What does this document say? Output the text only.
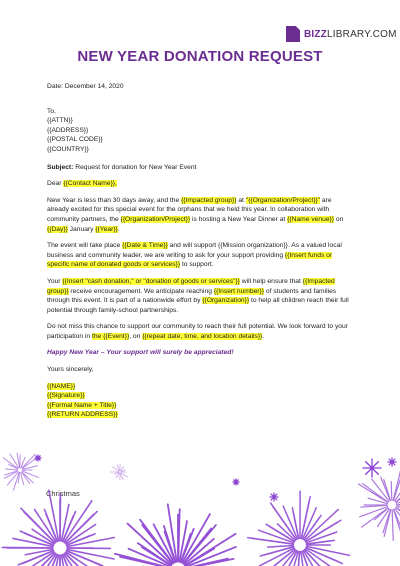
BIZZLIBRARY.COM
NEW YEAR DONATION REQUEST

Date: December 14, 2020

To,
{{ATTN}}
{{ADDRESS}}
{{POSTAL CODE}}
{{COUNTRY}}

Subject: Request for donation for New Year Event

Dear {{Contact Name}},

New Year is less than 30 days away, and the {{Impacted group}} at "{{Organization/Project}}" are already excited for this special event for the orphans that we held this year. In collaboration with community partners, the {{Organization/Project}} is hosting a New Year Dinner at {{Name venue}} on {{Day}} January {{Year}}.

The event will take place {{Date & Time}} and will support {{Mission organization}}. As a valued local business and community leader, we are writing to ask for your support providing {{Insert funds or specific name of donated goods or services}} to support.

Your {{Insert "cash donation," or "donation of goods or services"}} will help ensure that {{Impacted group}} receive encouragement. We anticipate reaching {{Insert number}} of students and families through this event. It is part of a nationwide effort by {{Organization}} to help all children reach their full potential through family-school partnerships.

Do not miss this chance to support our community to reach their full potential. We look forward to your participation in the {{Event}}, on {{repeat date, time, and location details}}.

Happy New Year – Your support will surely be appreciated!

Yours sincerely,

{{NAME}}
{{Signature}}
{{Formal Name + Title}}
{{RETURN ADDRESS}}
Christmas
